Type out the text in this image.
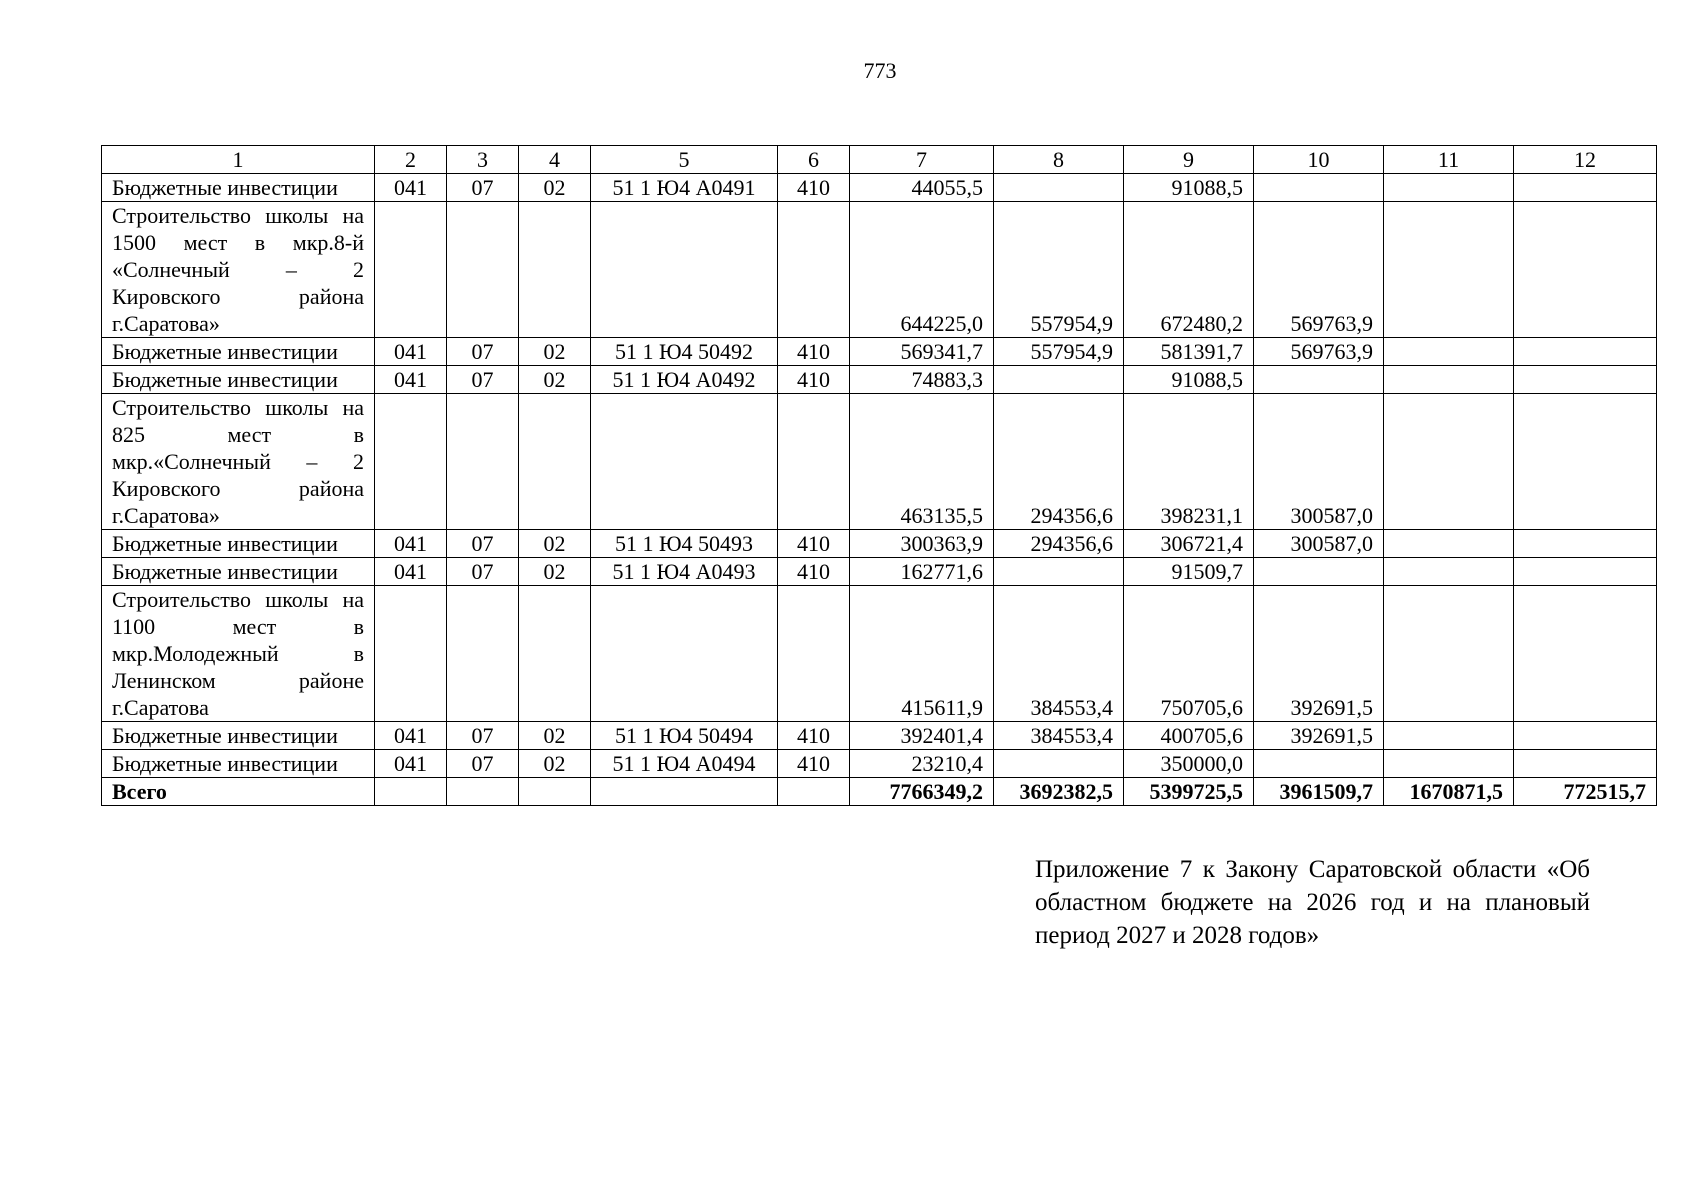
773
1	2	3	4	5	6	7	8	9	10	11	12
Бюджетные инвестиции	041	07	02	51 1 Ю4 А0491	410	44055,5		91088,5			
Строительство школы на 1500 мест в мкр.8-й «Солнечный – 2 Кировского района г.Саратова»						644225,0	557954,9	672480,2	569763,9		
Бюджетные инвестиции	041	07	02	51 1 Ю4 50492	410	569341,7	557954,9	581391,7	569763,9		
Бюджетные инвестиции	041	07	02	51 1 Ю4 А0492	410	74883,3		91088,5			
Строительство школы на 825 мест в мкр.«Солнечный – 2 Кировского района г.Саратова»						463135,5	294356,6	398231,1	300587,0		
Бюджетные инвестиции	041	07	02	51 1 Ю4 50493	410	300363,9	294356,6	306721,4	300587,0		
Бюджетные инвестиции	041	07	02	51 1 Ю4 А0493	410	162771,6		91509,7			
Строительство школы на 1100 мест в мкр.Молодежный в Ленинском районе г.Саратова						415611,9	384553,4	750705,6	392691,5		
Бюджетные инвестиции	041	07	02	51 1 Ю4 50494	410	392401,4	384553,4	400705,6	392691,5		
Бюджетные инвестиции	041	07	02	51 1 Ю4 А0494	410	23210,4		350000,0			
Всего						7766349,2	3692382,5	5399725,5	3961509,7	1670871,5	772515,7
Приложение 7 к Закону Саратовской области «Об областном бюджете на 2026 год и на плановый период 2027 и 2028 годов»
